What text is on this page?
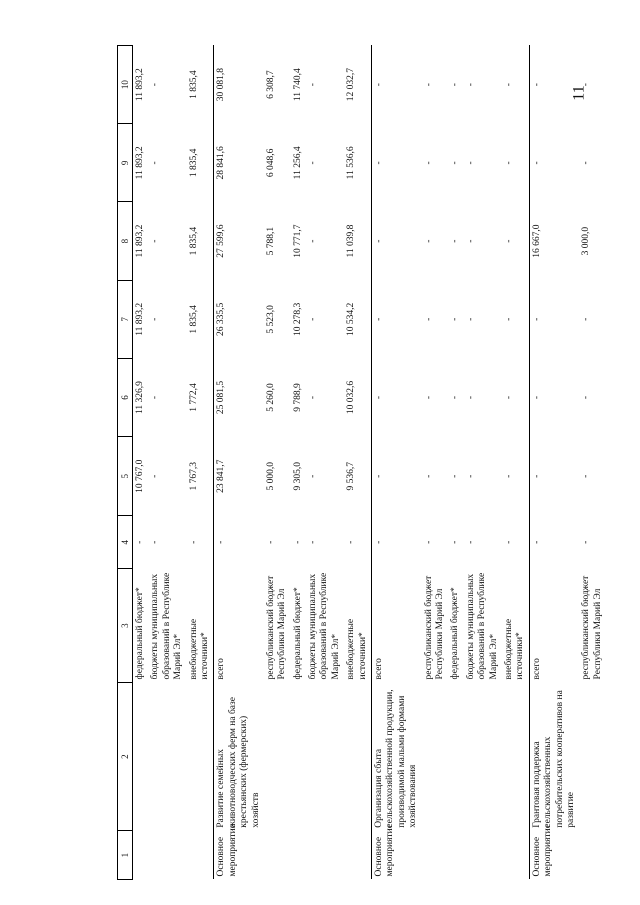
11
1	2	3	4	5	6	7	8	9	10
		федеральный бюджет*	-	10 767,0	11 326,9	11 893,2	11 893,2	11 893,2	11 893,2
		бюджеты муниципальных образований в Республике Марий Эл*	-	-	-	-	-	-	-
		внебюджетные источники*	-	1 767,3	1 772,4	1 835,4	1 835,4	1 835,4	1 835,4
Основное мероприятие	Развитие семейных животноводческих ферм на базе крестьянских (фермерских) хозяйств	всего	-	23 841,7	25 081,5	26 335,5	27 599,6	28 841,6	30 081,8
		республиканский бюджет Республики Марий Эл	-	5 000,0	5 260,0	5 523,0	5 788,1	6 048,6	6 308,7
		федеральный бюджет*	-	9 305,0	9 788,9	10 278,3	10 771,7	11 256,4	11 740,4
		бюджеты муниципальных образований в Республике Марий Эл*	-	-	-	-	-	-	-
		внебюджетные источники*	-	9 536,7	10 032,6	10 534,2	11 039,8	11 536,6	12 032,7
Основное мероприятие	Организация сбыта сельскохозяйственной продукции, производимой малыми формами хозяйствования	всего	-	-	-	-	-	-	-
		республиканский бюджет Республики Марий Эл	-	-	-	-	-	-	-
		федеральный бюджет*	-	-	-	-	-	-	-
		бюджеты муниципальных образований в Республике Марий Эл*	-	-	-	-	-	-	-
		внебюджетные источники*	-	-	-	-	-	-	-
Основное мероприятие	Грантовая поддержка сельскохозяйственных потребительских кооперативов на развитие	всего	-	-	-	-	16 667,0	-	-
		республиканский бюджет Республики Марий Эл	-	-	-	-	3 000,0	-	-
